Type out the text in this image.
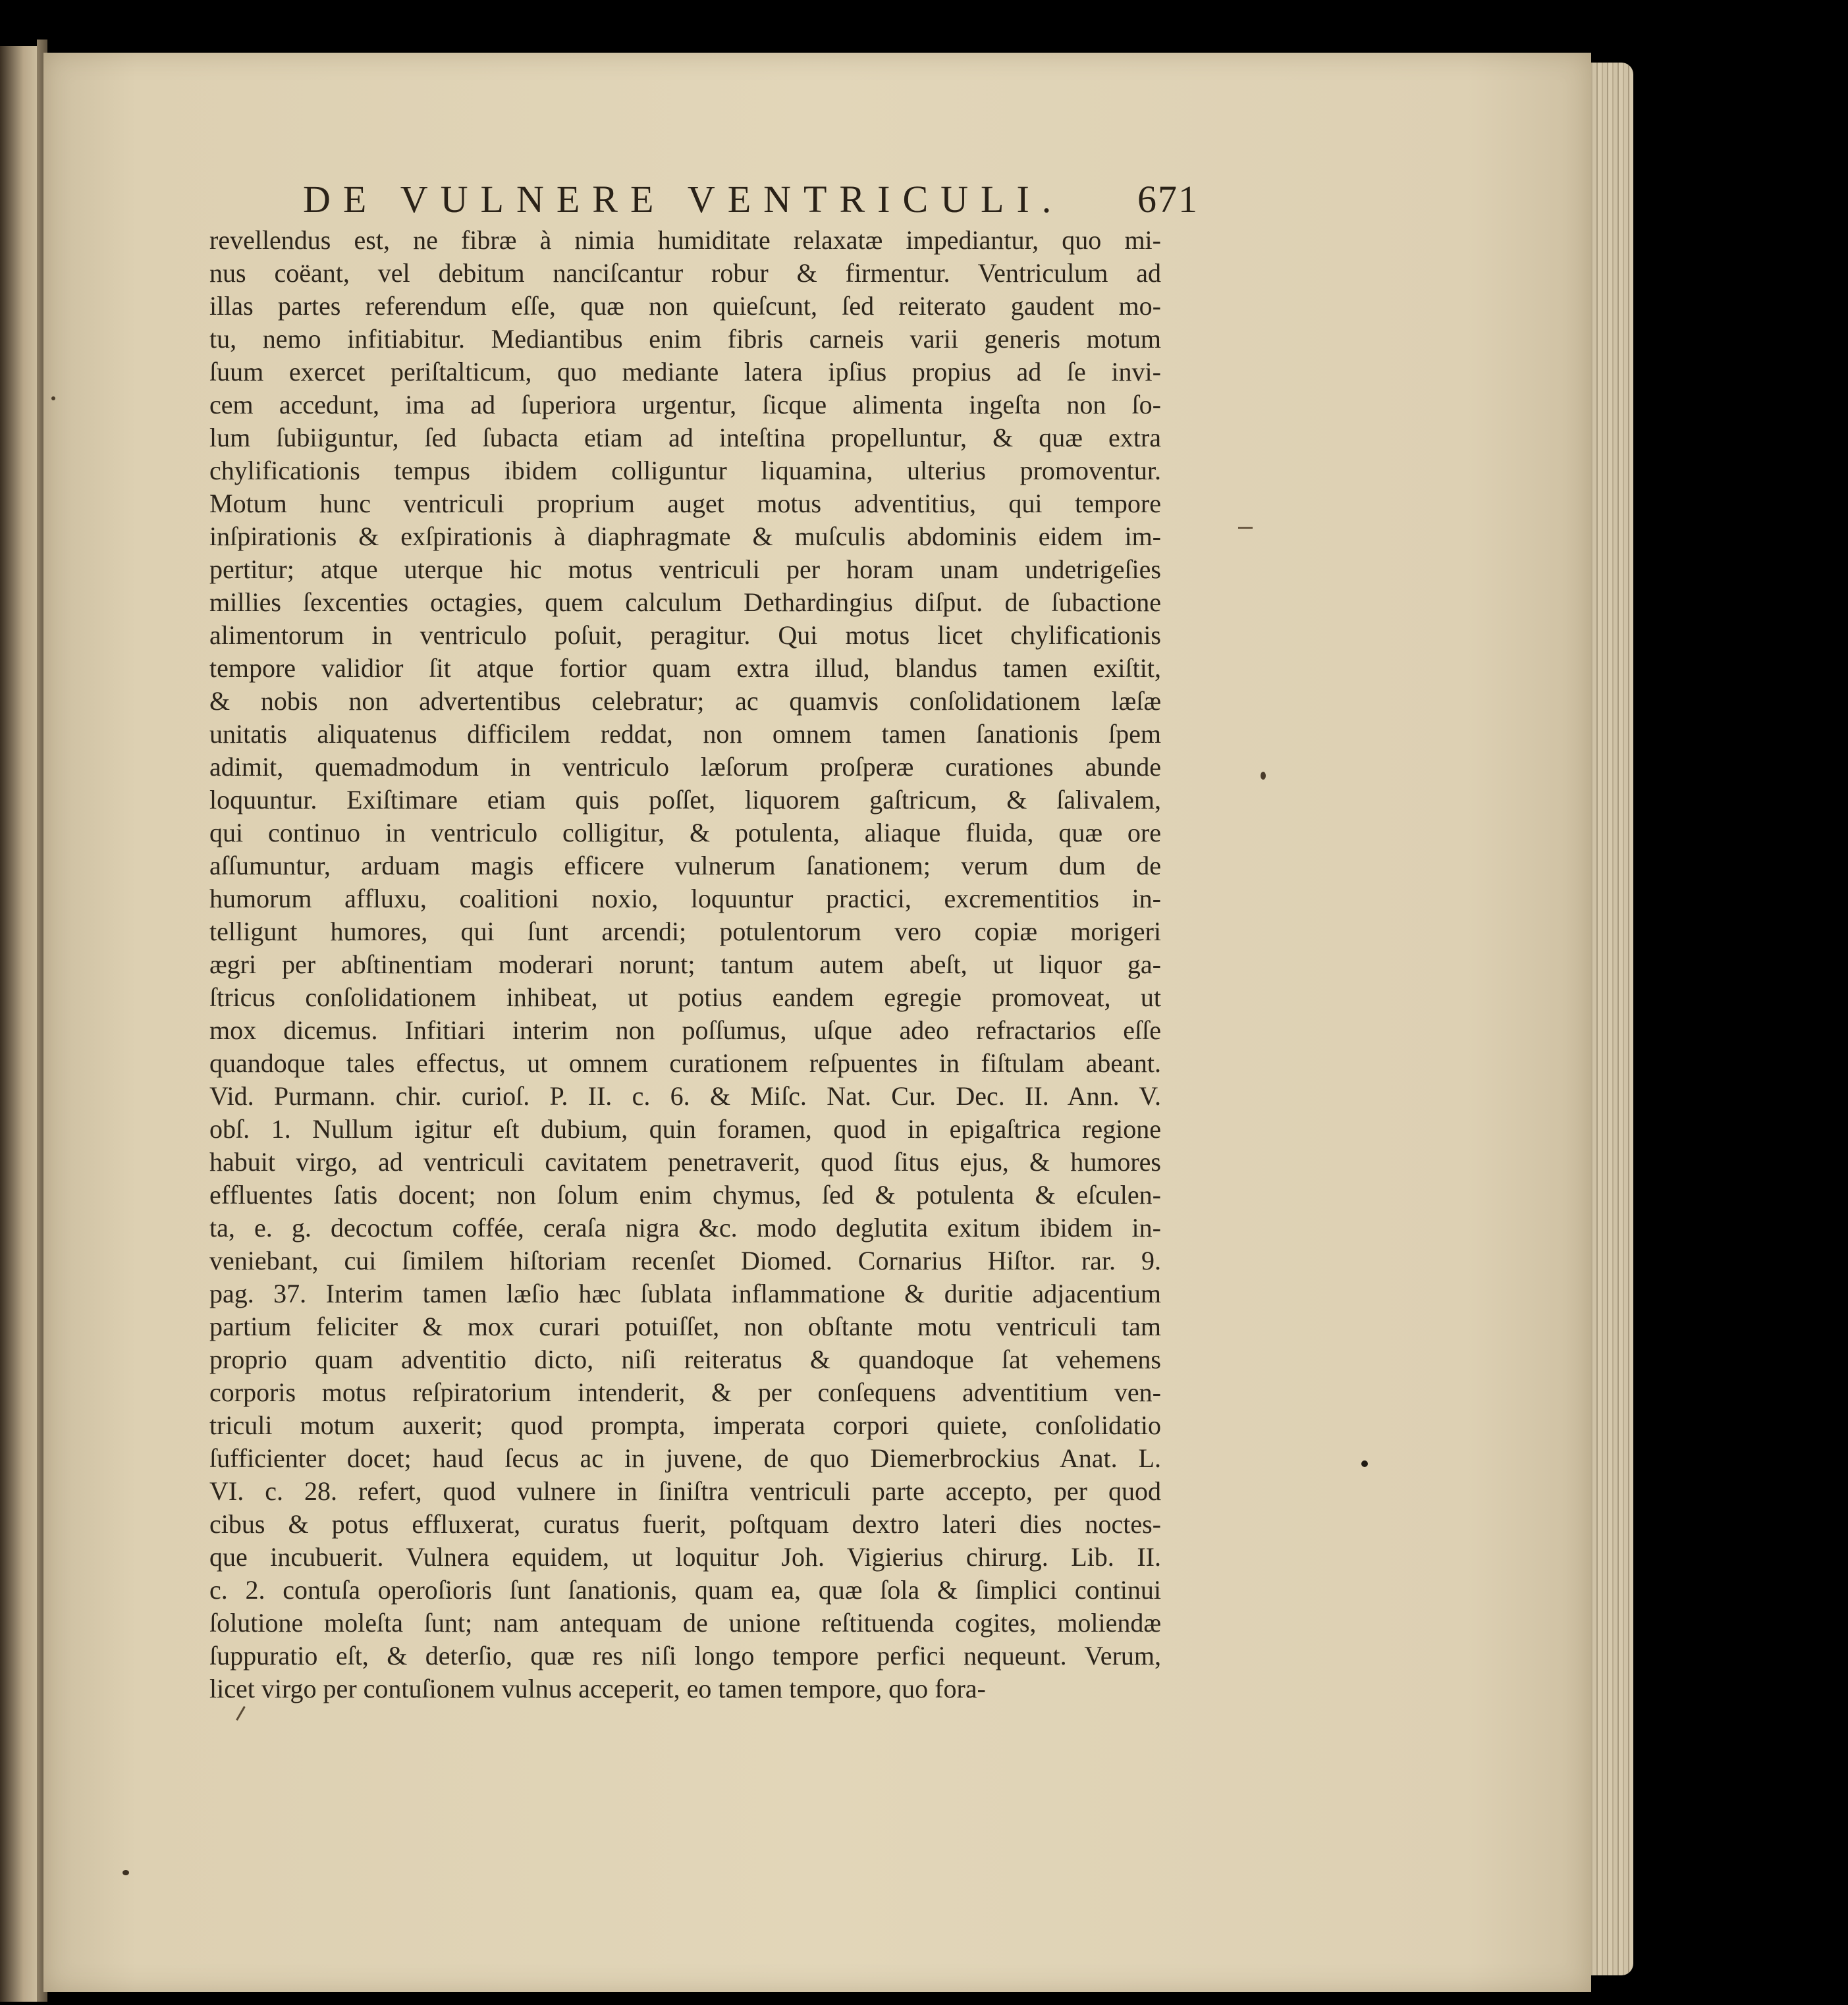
DE VULNERE VENTRICULI. 671
revellendus est, ne fibræ à nimia humiditate relaxatæ impediantur, quo mi-
nus coëant, vel debitum nanciſcantur robur & firmentur. Ventriculum ad
illas partes referendum eſſe, quæ non quieſcunt, ſed reiterato gaudent mo-
tu, nemo infitiabitur. Mediantibus enim fibris carneis varii generis motum
ſuum exercet periſtalticum, quo mediante latera ipſius propius ad ſe invi-
cem accedunt, ima ad ſuperiora urgentur, ſicque alimenta ingeſta non ſo-
lum ſubiiguntur, ſed ſubacta etiam ad inteſtina propelluntur, & quæ extra
chylificationis tempus ibidem colliguntur liquamina, ulterius promoventur.
Motum hunc ventriculi proprium auget motus adventitius, qui tempore
inſpirationis & exſpirationis à diaphragmate & muſculis abdominis eidem im-
pertitur; atque uterque hic motus ventriculi per horam unam undetrigeſies
millies ſexcenties octagies, quem calculum Dethardingius diſput. de ſubactione
alimentorum in ventriculo poſuit, peragitur. Qui motus licet chylificationis
tempore validior ſit atque fortior quam extra illud, blandus tamen exiſtit,
& nobis non advertentibus celebratur; ac quamvis conſolidationem læſæ
unitatis aliquatenus difficilem reddat, non omnem tamen ſanationis ſpem
adimit, quemadmodum in ventriculo læſorum proſperæ curationes abunde
loquuntur. Exiſtimare etiam quis poſſet, liquorem gaſtricum, & ſalivalem,
qui continuo in ventriculo colligitur, & potulenta, aliaque fluida, quæ ore
aſſumuntur, arduam magis efficere vulnerum ſanationem; verum dum de
humorum affluxu, coalitioni noxio, loquuntur practici, excrementitios in-
telligunt humores, qui ſunt arcendi; potulentorum vero copiæ morigeri
ægri per abſtinentiam moderari norunt; tantum autem abeſt, ut liquor ga-
ſtricus conſolidationem inhibeat, ut potius eandem egregie promoveat, ut
mox dicemus. Infitiari interim non poſſumus, uſque adeo refractarios eſſe
quandoque tales effectus, ut omnem curationem reſpuentes in fiſtulam abeant.
Vid. Purmann. chir. curioſ. P. II. c. 6. & Miſc. Nat. Cur. Dec. II. Ann. V.
obſ. 1. Nullum igitur eſt dubium, quin foramen, quod in epigaſtrica regione
habuit virgo, ad ventriculi cavitatem penetraverit, quod ſitus ejus, & humores
effluentes ſatis docent; non ſolum enim chymus, ſed & potulenta & eſculen-
ta, e. g. decoctum coffée, ceraſa nigra &c. modo deglutita exitum ibidem in-
veniebant, cui ſimilem hiſtoriam recenſet Diomed. Cornarius Hiſtor. rar. 9.
pag. 37. Interim tamen læſio hæc ſublata inflammatione & duritie adjacentium
partium feliciter & mox curari potuiſſet, non obſtante motu ventriculi tam
proprio quam adventitio dicto, niſi reiteratus & quandoque ſat vehemens
corporis motus reſpiratorium intenderit, & per conſequens adventitium ven-
triculi motum auxerit; quod prompta, imperata corpori quiete, conſolidatio
ſufficienter docet; haud ſecus ac in juvene, de quo Diemerbrockius Anat. L.
VI. c. 28. refert, quod vulnere in ſiniſtra ventriculi parte accepto, per quod
cibus & potus effluxerat, curatus fuerit, poſtquam dextro lateri dies noctes-
que incubuerit. Vulnera equidem, ut loquitur Joh. Vigierius chirurg. Lib. II.
c. 2. contuſa operoſioris ſunt ſanationis, quam ea, quæ ſola & ſimplici continui
ſolutione moleſta ſunt; nam antequam de unione reſtituenda cogites, moliendæ
ſuppuratio eſt, & deterſio, quæ res niſi longo tempore perfici nequeunt. Verum,
licet virgo per contuſionem vulnus acceperit, eo tamen tempore, quo fora-
